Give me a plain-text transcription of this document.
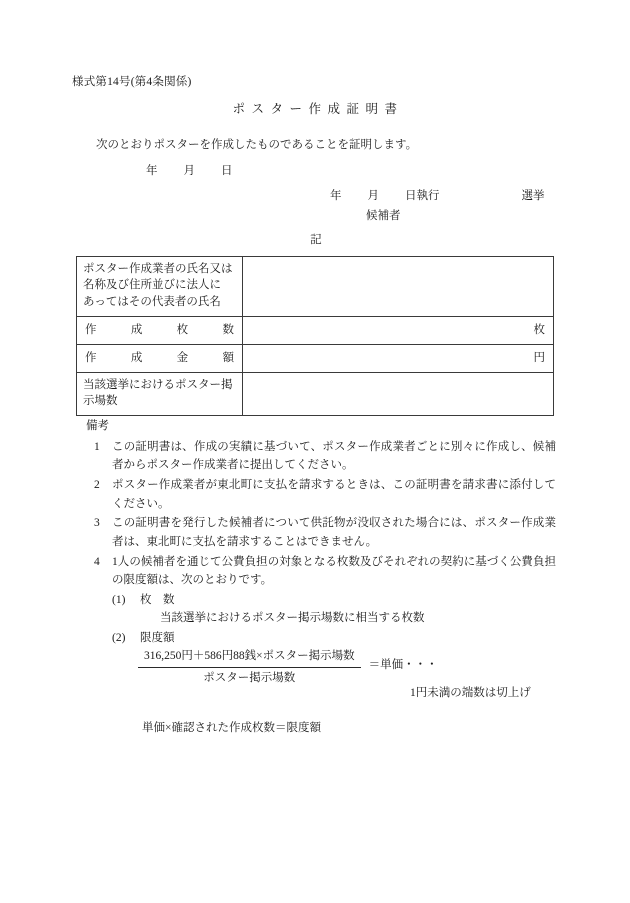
様式第14号(第4条関係)
ポスター作成証明書
次のとおりポスターを作成したものであることを証明します。
年 月 日
年 月 日執行	選挙
候補者
記
ポスター作成業者の氏名又は
名称及び住所並びに法人に
あってはその代表者の氏名	

作 成 枚 数	枚

作 成 金 額	円

当該選挙におけるポスター掲
示場数	

備考
1 この証明書は、作成の実績に基づいて、ポスター作成業者ごとに別々に作成し、候補者からポスター作成業者に提出してください。

2 ポスター作成業者が東北町に支払を請求するときは、この証明書を請求書に添付してください。

3 この証明書を発行した候補者について供託物が没収された場合には、ポスター作成業者は、東北町に支払を請求することはできません。

4 1人の候補者を通じて公費負担の対象となる枚数及びそれぞれの契約に基づく公費負担の限度額は、次のとおりです。

(1) 枚　数
当該選挙におけるポスター掲示場数に相当する枚数
(2) 限度額
$\frac{\text{316,250円＋586円88銭×ポスター掲示場数}}{\text{ポスター掲示場数}}$ ＝単価・・・
1円未満の端数は切上げ
単価×確認された作成枚数＝限度額
